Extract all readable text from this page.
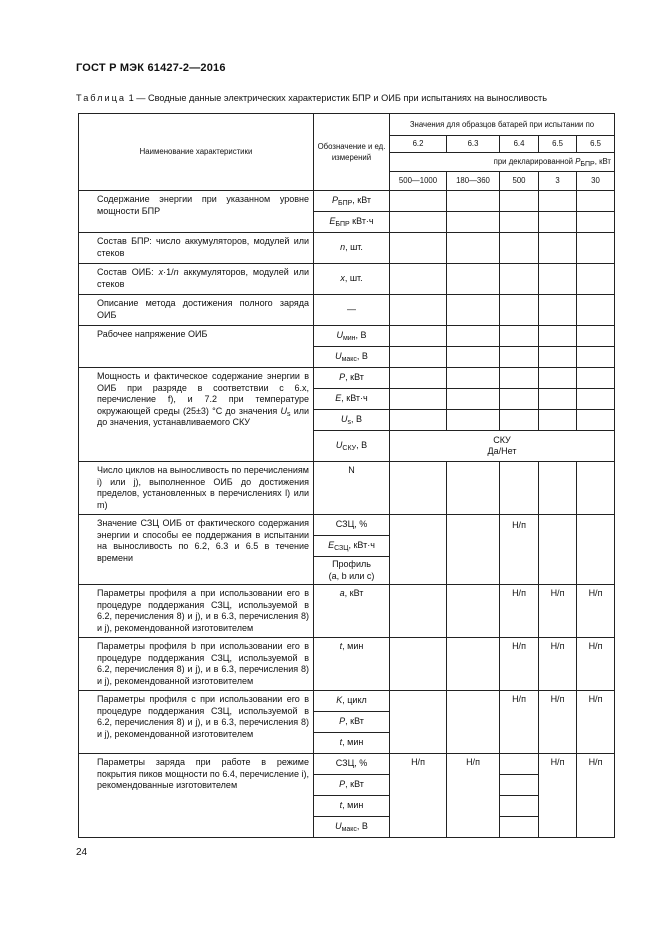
ГОСТ Р МЭК 61427-2—2016
Таблица 1 — Сводные данные электрических характеристик БПР и ОИБ при испытаниях на выносливость
Наименование характеристики	Обозначение и ед. измерений	Значения для образцов батарей при испытании по				
		6.2	6.3	6.4	6.5	6.5
		при декларированной $P_{БПР}$, кВт				
		500—1000	180—360	500	3	30
Содержание энергии при указанном уровне мощности БПР	$P_{БПР}$, кВт					
	$E_{БПР}$ кВт·ч					
Состав БПР: число аккумуляторов, модулей или стеков	n, шт.					
Состав ОИБ: x·1/n аккумуляторов, модулей или стеков	x, шт.					
Описание метода достижения полного заряда ОИБ	—					
Рабочее напряжение ОИБ	$U_{мин}$, В					
	$U_{макс}$, В					
Мощность и фактическое содержание энергии в ОИБ при разряде в соответствии с 6.x, перечисление f), и 7.2 при температуре окружающей среды (25±3) °С до значения $U_s$ или до значения, устанавливаемого СКУ	P, кВт					
	E, кВт·ч					
	$U_s$, В					
	$U_{СКУ}$, В	СКУ
Да/Нет				

Число циклов на выносливость по перечислениям i) или j), выполненное ОИБ до достижения пределов, установленных в перечислениях l) или m)	N					
Значение СЗЦ ОИБ от фактического содержания энергии и способы ее поддержания в испытании на выносливость по 6.2, 6.3 и 6.5 в течение времени	СЗЦ, %			Н/п		
	$E_{СЗЦ}$, кВт·ч					

	Профиль
(а, b или с)					

Параметры профиля а при использовании его в процедуре поддержания СЗЦ, используемой в 6.2, перечисления 8) и j), и в 6.3, перечисления 8) и j), рекомендованной изготовителем	a, кВт			Н/п	Н/п	Н/п
Параметры профиля b при использовании его в процедуре поддержания СЗЦ, используемой в 6.2, перечисления 8) и j), и в 6.3, перечисления 8) и j), рекомендованной изготовителем	t, мин			Н/п	Н/п	Н/п
Параметры профиля с при использовании его в процедуре поддержания СЗЦ, используемой в 6.2, перечисления 8) и j), и в 6.3, перечисления 8) и j), рекомендованной изготовителем	K, цикл			Н/п	Н/п	Н/п
	P, кВт					
	t, мин					
Параметры заряда при работе в режиме покрытия пиков мощности по 6.4, перечисление i), рекомендованные изготовителем	СЗЦ, %	Н/п	Н/п		Н/п	Н/п
	P, кВт					
	t, мин					
	$U_{макс}$, В					
24
